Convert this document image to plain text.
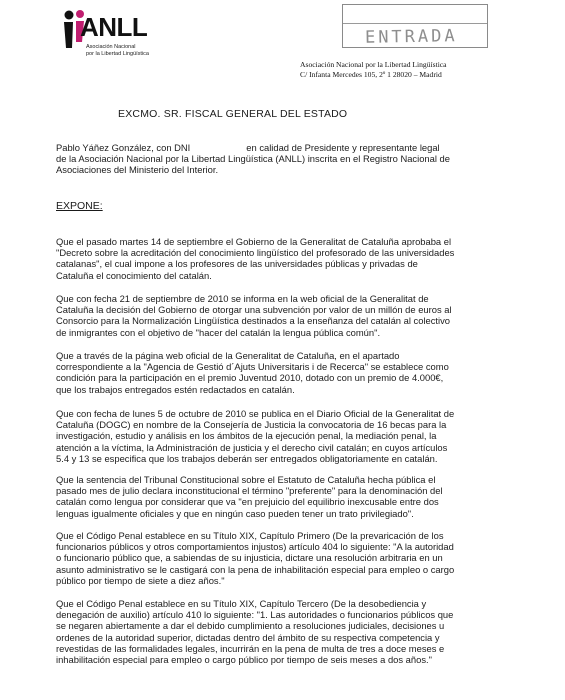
ANLL
Asociación Nacional
por la Libertad Lingüística
ENTRADA
Asociación Nacional por la Libertad Lingüística
C/ Infanta Mercedes 105, 2º 1 28020 – Madrid
EXCMO. SR. FISCAL GENERAL DEL ESTADO
Pablo Yáñez González, con DNI	en calidad de Presidente y representante legal
de la Asociación Nacional por la Libertad Lingüística (ANLL) inscrita en el Registro Nacional de
Asociaciones del Ministerio del Interior.
EXPONE:
Que el pasado martes 14 de septiembre el Gobierno de la Generalitat de Cataluña aprobaba el
"Decreto sobre la acreditación del conocimiento lingüístico del profesorado de las universidades
catalanas", el cual impone a los profesores de las universidades públicas y privadas de
Cataluña el conocimiento del catalán.
Que con fecha 21 de septiembre de 2010 se informa en la web oficial de la Generalitat de
Cataluña la decisión del Gobierno de otorgar una subvención por valor de un millón de euros al
Consorcio para la Normalización Lingüística destinados a la enseñanza del catalán al colectivo
de inmigrantes con el objetivo de "hacer del catalán la lengua pública común".
Que a través de la página web oficial de la Generalitat de Cataluña, en el apartado
correspondiente a la "Agencia de Gestió d´Ajuts Universitaris i de Recerca" se establece como
condición para la participación en el premio Juventud 2010, dotado con un premio de 4.000€,
que los trabajos entregados estén redactados en catalán.
Que con fecha de lunes 5 de octubre de 2010 se publica en el Diario Oficial de la Generalitat de
Cataluña (DOGC) en nombre de la Consejería de Justicia la convocatoria de 16 becas para la
investigación, estudio y análisis en los ámbitos de la ejecución penal, la mediación penal, la
atención a la víctima, la Administración de justicia y el derecho civil catalán; en cuyos artículos
5.4 y 13 se especifica que los trabajos deberán ser entregados obligatoriamente en catalán.
Que la sentencia del Tribunal Constitucional sobre el Estatuto de Cataluña hecha pública el
pasado mes de julio declara inconstitucional el término "preferente" para la denominación del
catalán como lengua por considerar que va "en prejuicio del equilibrio inexcusable entre dos
lenguas igualmente oficiales y que en ningún caso pueden tener un trato privilegiado".
Que el Código Penal establece en su Título XIX, Capítulo Primero (De la prevaricación de los
funcionarios públicos y otros comportamientos injustos) artículo 404 lo siguiente: "A la autoridad
o funcionario público que, a sabiendas de su injusticia, dictare una resolución arbitraria en un
asunto administrativo se le castigará con la pena de inhabilitación especial para empleo o cargo
público por tiempo de siete a diez años."
Que el Código Penal establece en su Título XIX, Capítulo Tercero (De la desobediencia y
denegación de auxilio) artículo 410 lo siguiente: "1. Las autoridades o funcionarios públicos que
se negaren abiertamente a dar el debido cumplimiento a resoluciones judiciales, decisiones u
ordenes de la autoridad superior, dictadas dentro del ámbito de su respectiva competencia y
revestidas de las formalidades legales, incurrirán en la pena de multa de tres a doce meses e
inhabilitación especial para empleo o cargo público por tiempo de seis meses a dos años."
